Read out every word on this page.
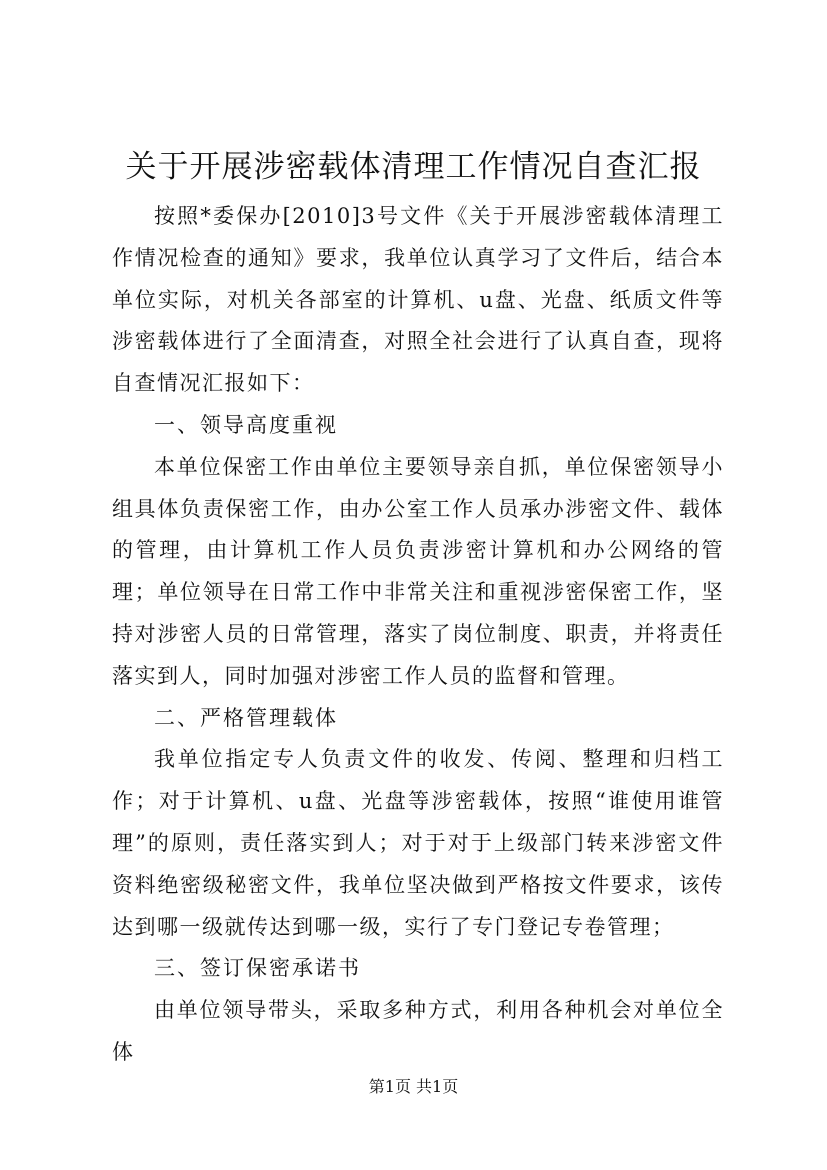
关于开展涉密载体清理工作情况自查汇报

按照*委保办[2010]3号文件《关于开展涉密载体清理工作情况检查的通知》要求，我单位认真学习了文件后，结合本单位实际，对机关各部室的计算机、u盘、光盘、纸质文件等涉密载体进行了全面清查，对照全社会进行了认真自查，现将自查情况汇报如下：

一、领导高度重视

本单位保密工作由单位主要领导亲自抓，单位保密领导小组具体负责保密工作，由办公室工作人员承办涉密文件、载体的管理，由计算机工作人员负责涉密计算机和办公网络的管理；单位领导在日常工作中非常关注和重视涉密保密工作，坚持对涉密人员的日常管理，落实了岗位制度、职责，并将责任落实到人，同时加强对涉密工作人员的监督和管理。

二、严格管理载体

我单位指定专人负责文件的收发、传阅、整理和归档工作；对于计算机、u盘、光盘等涉密载体，按照“谁使用谁管理”的原则，责任落实到人；对于对于上级部门转来涉密文件资料绝密级秘密文件，我单位坚决做到严格按文件要求，该传达到哪一级就传达到哪一级，实行了专门登记专卷管理；

三、签订保密承诺书

由单位领导带头，采取多种方式，利用各种机会对单位全体

第1页 共1页
